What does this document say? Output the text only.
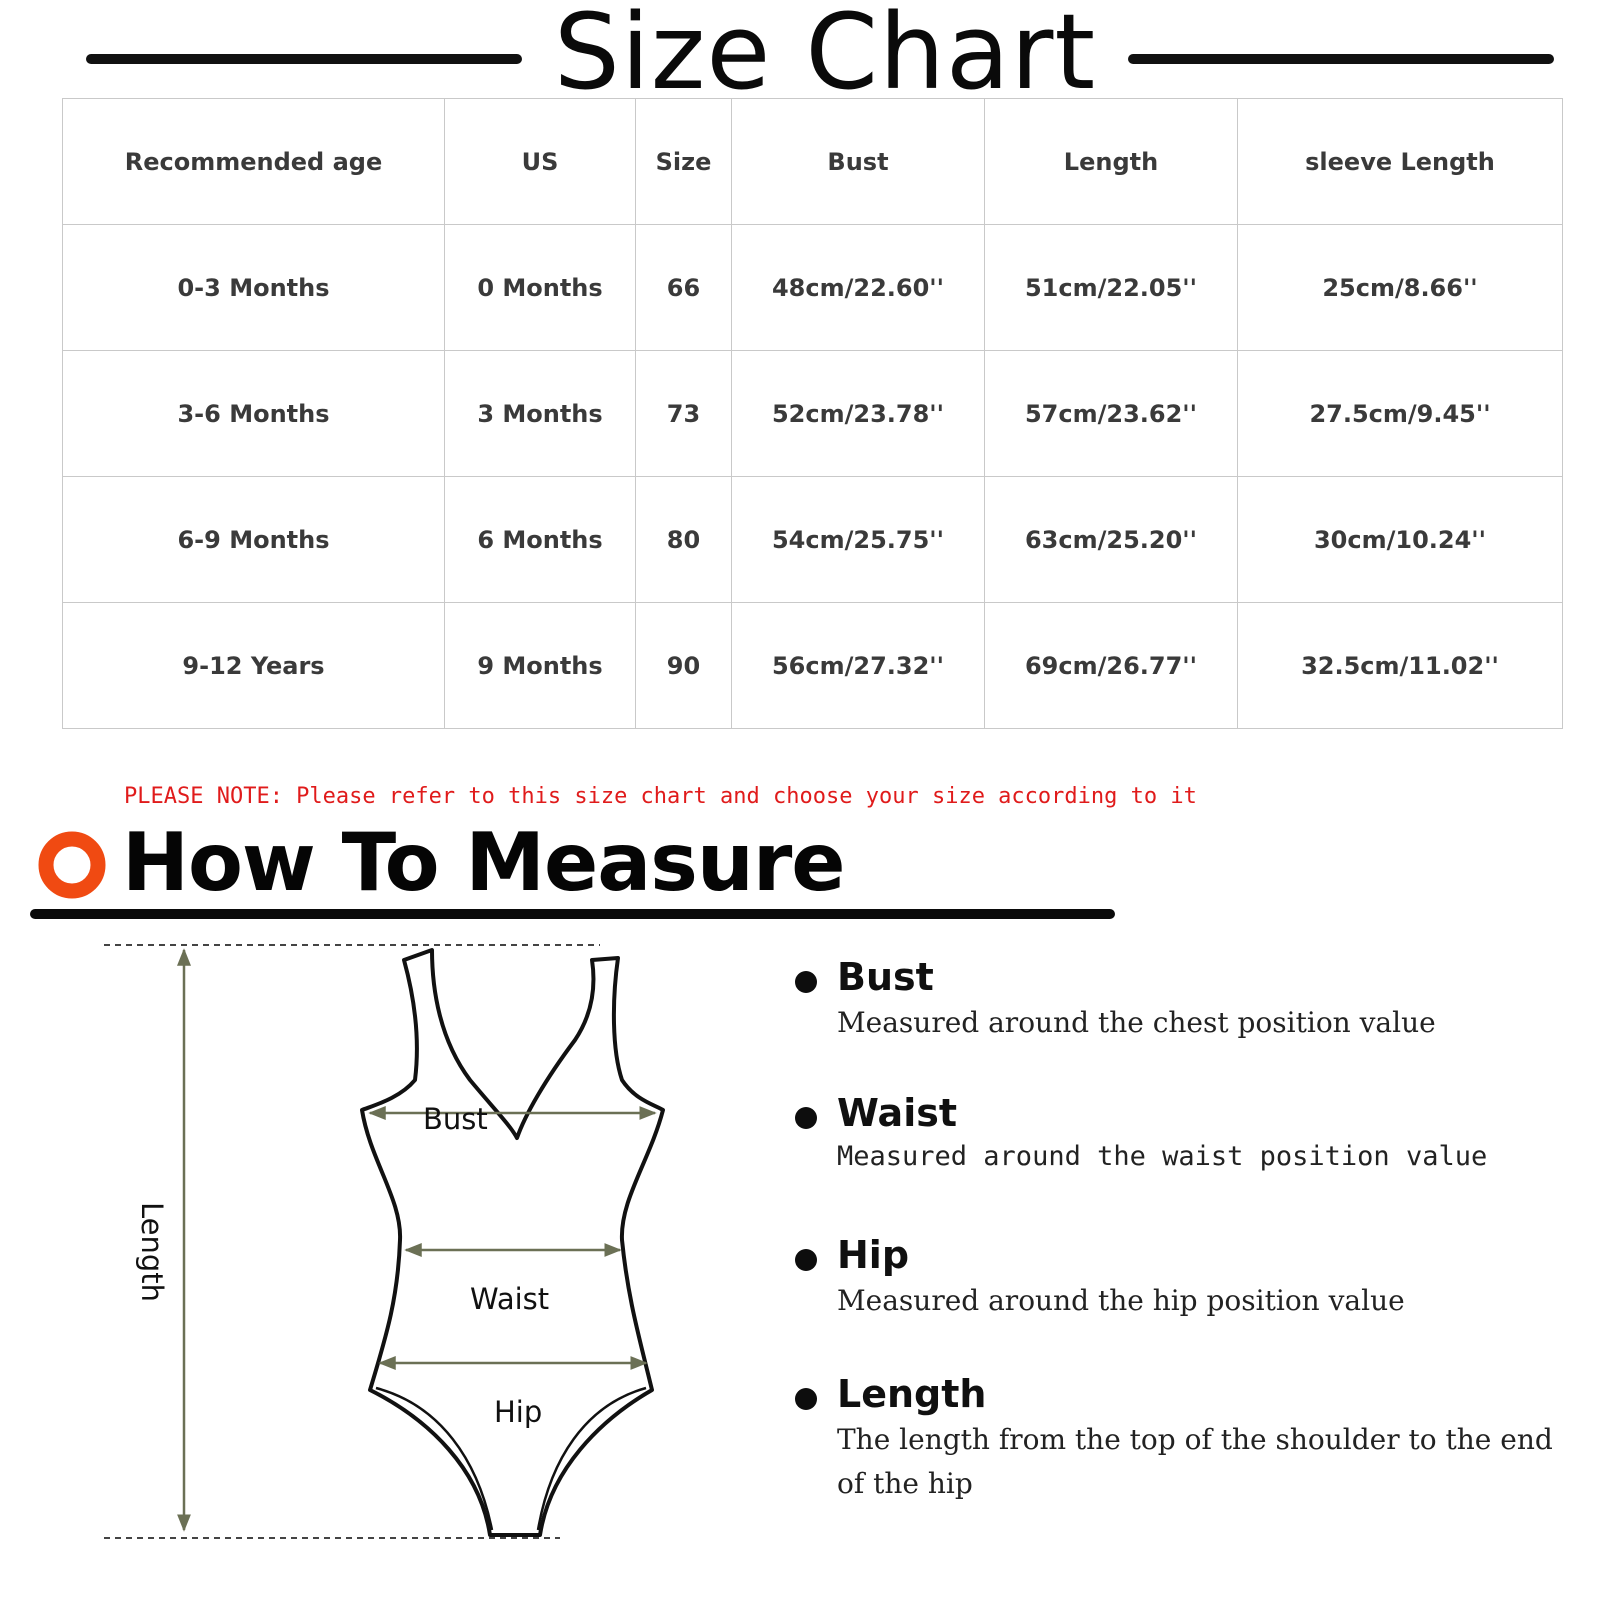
Size Chart
Recommended age	US	Size	Bust	Length	sleeve Length
0-3 Months	0 Months	66	48cm/22.60''	51cm/22.05''	25cm/8.66''
3-6 Months	3 Months	73	52cm/23.78''	57cm/23.62''	27.5cm/9.45''
6-9 Months	6 Months	80	54cm/25.75''	63cm/25.20''	30cm/10.24''
9-12 Years	9 Months	90	56cm/27.32''	69cm/26.77''	32.5cm/11.02''
PLEASE NOTE: Please refer to this size chart and choose your size according to it
How To Measure
Bust
Waist
Hip
Length
Bust
Measured around the chest position value
Waist
Measured around the waist position value
Hip
Measured around the hip position value
Length
The length from the top of the shoulder to the end of the hip
